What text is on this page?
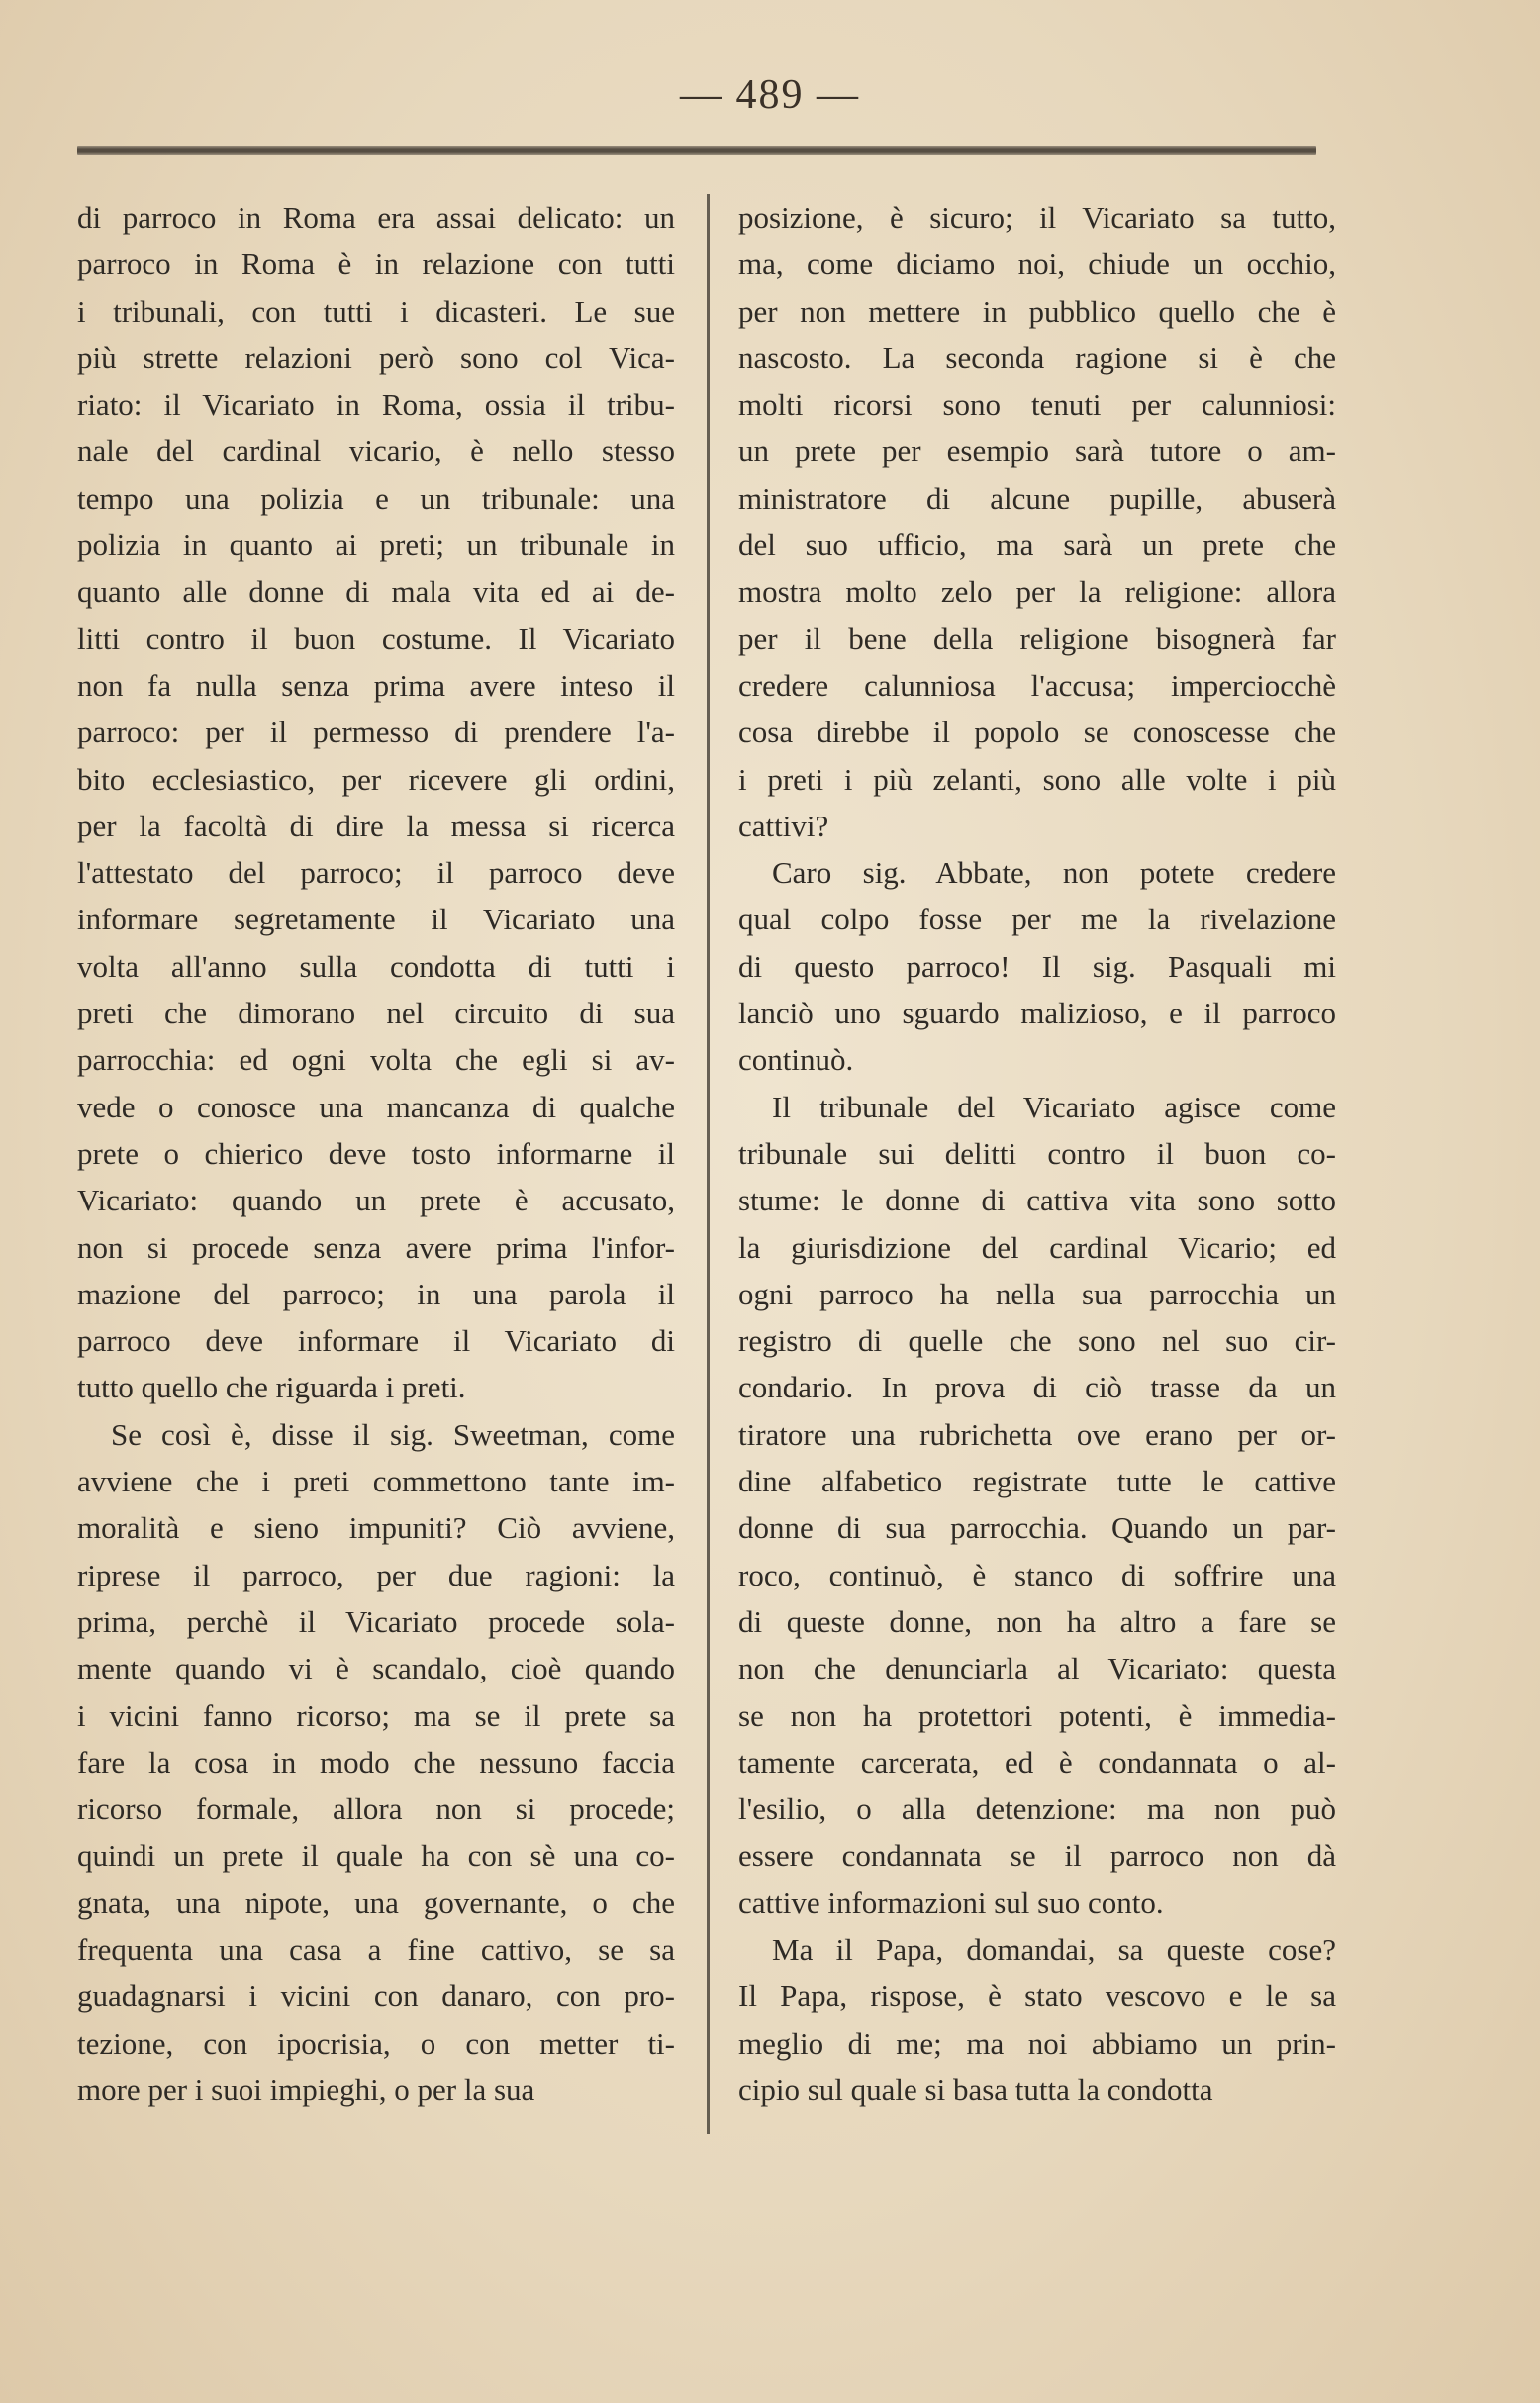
— 489 —
di parroco in Roma era assai delicato: un
parroco in Roma è in relazione con tutti
i tribunali, con tutti i dicasteri. Le sue
più strette relazioni però sono col Vica-
riato: il Vicariato in Roma, ossia il tribu-
nale del cardinal vicario, è nello stesso
tempo una polizia e un tribunale: una
polizia in quanto ai preti; un tribunale in
quanto alle donne di mala vita ed ai de-
litti contro il buon costume. Il Vicariato
non fa nulla senza prima avere inteso il
parroco: per il permesso di prendere l'a-
bito ecclesiastico, per ricevere gli ordini,
per la facoltà di dire la messa si ricerca
l'attestato del parroco; il parroco deve
informare segretamente il Vicariato una
volta all'anno sulla condotta di tutti i
preti che dimorano nel circuito di sua
parrocchia: ed ogni volta che egli si av-
vede o conosce una mancanza di qualche
prete o chierico deve tosto informarne il
Vicariato: quando un prete è accusato,
non si procede senza avere prima l'infor-
mazione del parroco; in una parola il
parroco deve informare il Vicariato di
tutto quello che riguarda i preti.
Se così è, disse il sig. Sweetman, come
avviene che i preti commettono tante im-
moralità e sieno impuniti? Ciò avviene,
riprese il parroco, per due ragioni: la
prima, perchè il Vicariato procede sola-
mente quando vi è scandalo, cioè quando
i vicini fanno ricorso; ma se il prete sa
fare la cosa in modo che nessuno faccia
ricorso formale, allora non si procede;
quindi un prete il quale ha con sè una co-
gnata, una nipote, una governante, o che
frequenta una casa a fine cattivo, se sa
guadagnarsi i vicini con danaro, con pro-
tezione, con ipocrisia, o con metter ti-
more per i suoi impieghi, o per la sua
posizione, è sicuro; il Vicariato sa tutto,
ma, come diciamo noi, chiude un occhio,
per non mettere in pubblico quello che è
nascosto. La seconda ragione si è che
molti ricorsi sono tenuti per calunniosi:
un prete per esempio sarà tutore o am-
ministratore di alcune pupille, abuserà
del suo ufficio, ma sarà un prete che
mostra molto zelo per la religione: allora
per il bene della religione bisognerà far
credere calunniosa l'accusa; imperciocchè
cosa direbbe il popolo se conoscesse che
i preti i più zelanti, sono alle volte i più
cattivi?
Caro sig. Abbate, non potete credere
qual colpo fosse per me la rivelazione
di questo parroco! Il sig. Pasquali mi
lanciò uno sguardo malizioso, e il parroco
continuò.
Il tribunale del Vicariato agisce come
tribunale sui delitti contro il buon co-
stume: le donne di cattiva vita sono sotto
la giurisdizione del cardinal Vicario; ed
ogni parroco ha nella sua parrocchia un
registro di quelle che sono nel suo cir-
condario. In prova di ciò trasse da un
tiratore una rubrichetta ove erano per or-
dine alfabetico registrate tutte le cattive
donne di sua parrocchia. Quando un par-
roco, continuò, è stanco di soffrire una
di queste donne, non ha altro a fare se
non che denunciarla al Vicariato: questa
se non ha protettori potenti, è immedia-
tamente carcerata, ed è condannata o al-
l'esilio, o alla detenzione: ma non può
essere condannata se il parroco non dà
cattive informazioni sul suo conto.
Ma il Papa, domandai, sa queste cose?
Il Papa, rispose, è stato vescovo e le sa
meglio di me; ma noi abbiamo un prin-
cipio sul quale si basa tutta la condotta
